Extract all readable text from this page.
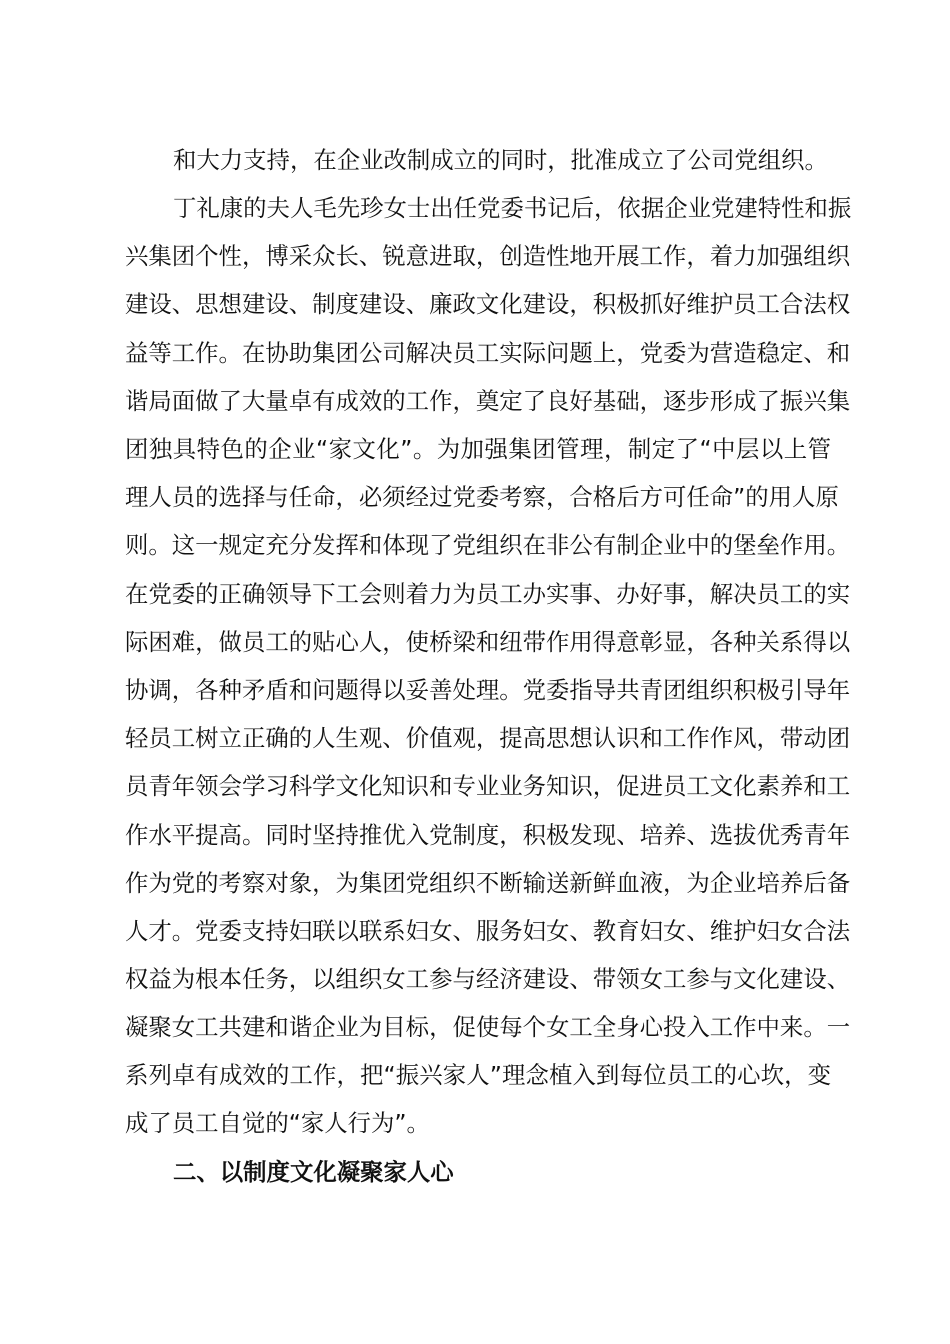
和大力支持，在企业改制成立的同时，批准成立了公司党组织。
丁礼康的夫人毛先珍女士出任党委书记后，依据企业党建特性和振
兴集团个性，博采众长、锐意进取，创造性地开展工作，着力加强组织
建设、思想建设、制度建设、廉政文化建设，积极抓好维护员工合法权
益等工作。在协助集团公司解决员工实际问题上，党委为营造稳定、和
谐局面做了大量卓有成效的工作，奠定了良好基础，逐步形成了振兴集
团独具特色的企业“家文化”。为加强集团管理，制定了“中层以上管
理人员的选择与任命，必须经过党委考察，合格后方可任命”的用人原
则。这一规定充分发挥和体现了党组织在非公有制企业中的堡垒作用。
在党委的正确领导下工会则着力为员工办实事、办好事，解决员工的实
际困难，做员工的贴心人，使桥梁和纽带作用得意彰显，各种关系得以
协调，各种矛盾和问题得以妥善处理。党委指导共青团组织积极引导年
轻员工树立正确的人生观、价值观，提高思想认识和工作作风，带动团
员青年领会学习科学文化知识和专业业务知识，促进员工文化素养和工
作水平提高。同时坚持推优入党制度，积极发现、培养、选拔优秀青年
作为党的考察对象，为集团党组织不断输送新鲜血液，为企业培养后备
人才。党委支持妇联以联系妇女、服务妇女、教育妇女、维护妇女合法
权益为根本任务，以组织女工参与经济建设、带领女工参与文化建设、
凝聚女工共建和谐企业为目标，促使每个女工全身心投入工作中来。一
系列卓有成效的工作，把“振兴家人”理念植入到每位员工的心坎，变
成了员工自觉的“家人行为”。
二、以制度文化凝聚家人心
